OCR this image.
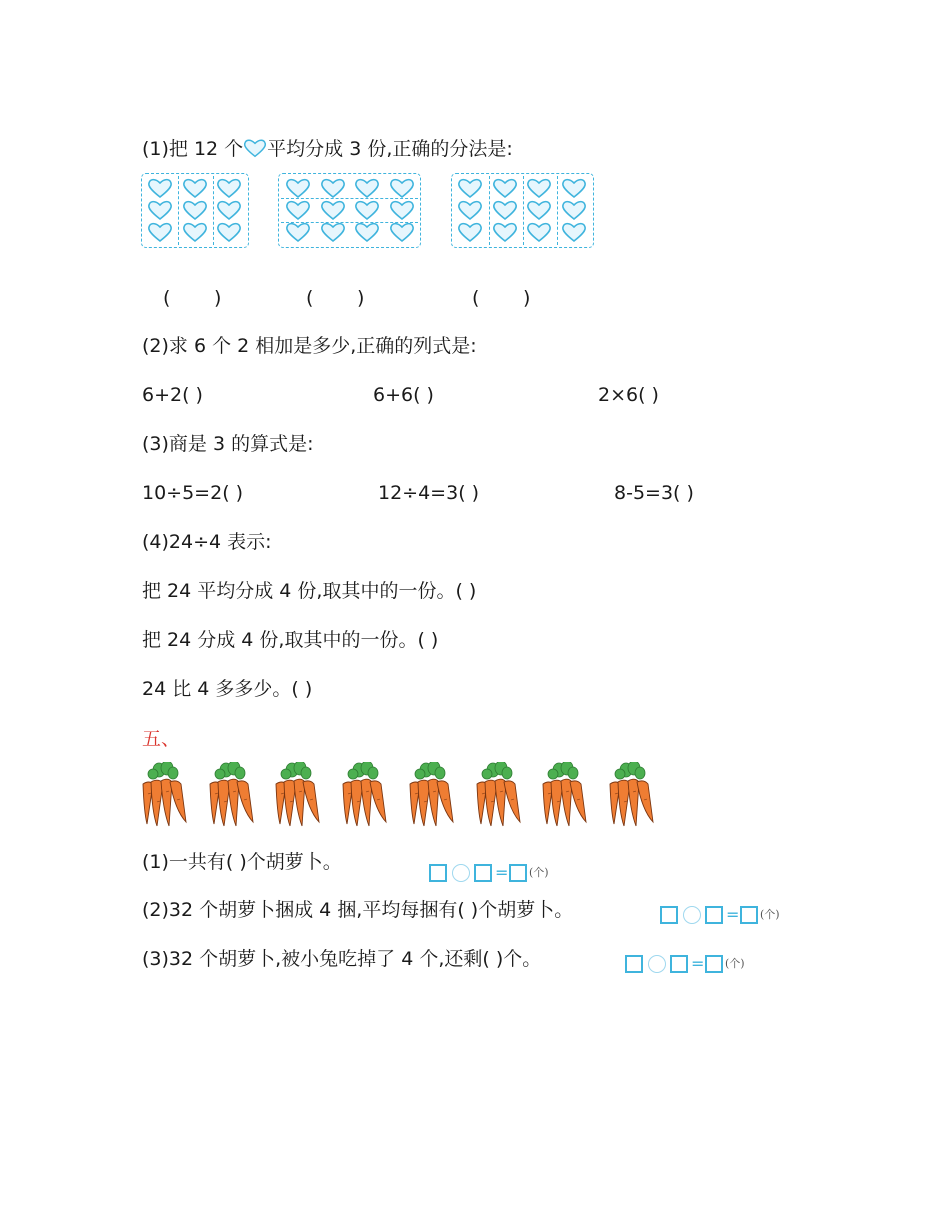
(1)把 12 个 平均分成 3 份,正确的分法是:
( )	( )	( )
(2)求 6 个 2 相加是多少,正确的列式是:
6+2( )	6+6( )	2×6( )
(3)商是 3 的算式是:
10÷5=2( )	12÷4=3( )	8-5=3( )
(4)24÷4 表示:
把 24 平均分成 4 份,取其中的一份。( )
把 24 分成 4 份,取其中的一份。( )
24 比 4 多多少。( )
五、
(1)一共有( )个胡萝卜。
(2)32 个胡萝卜捆成 4 捆,平均每捆有( )个胡萝卜。
(3)32 个胡萝卜,被小兔吃掉了 4 个,还剩( )个。
= (个)
= (个)
= (个)
